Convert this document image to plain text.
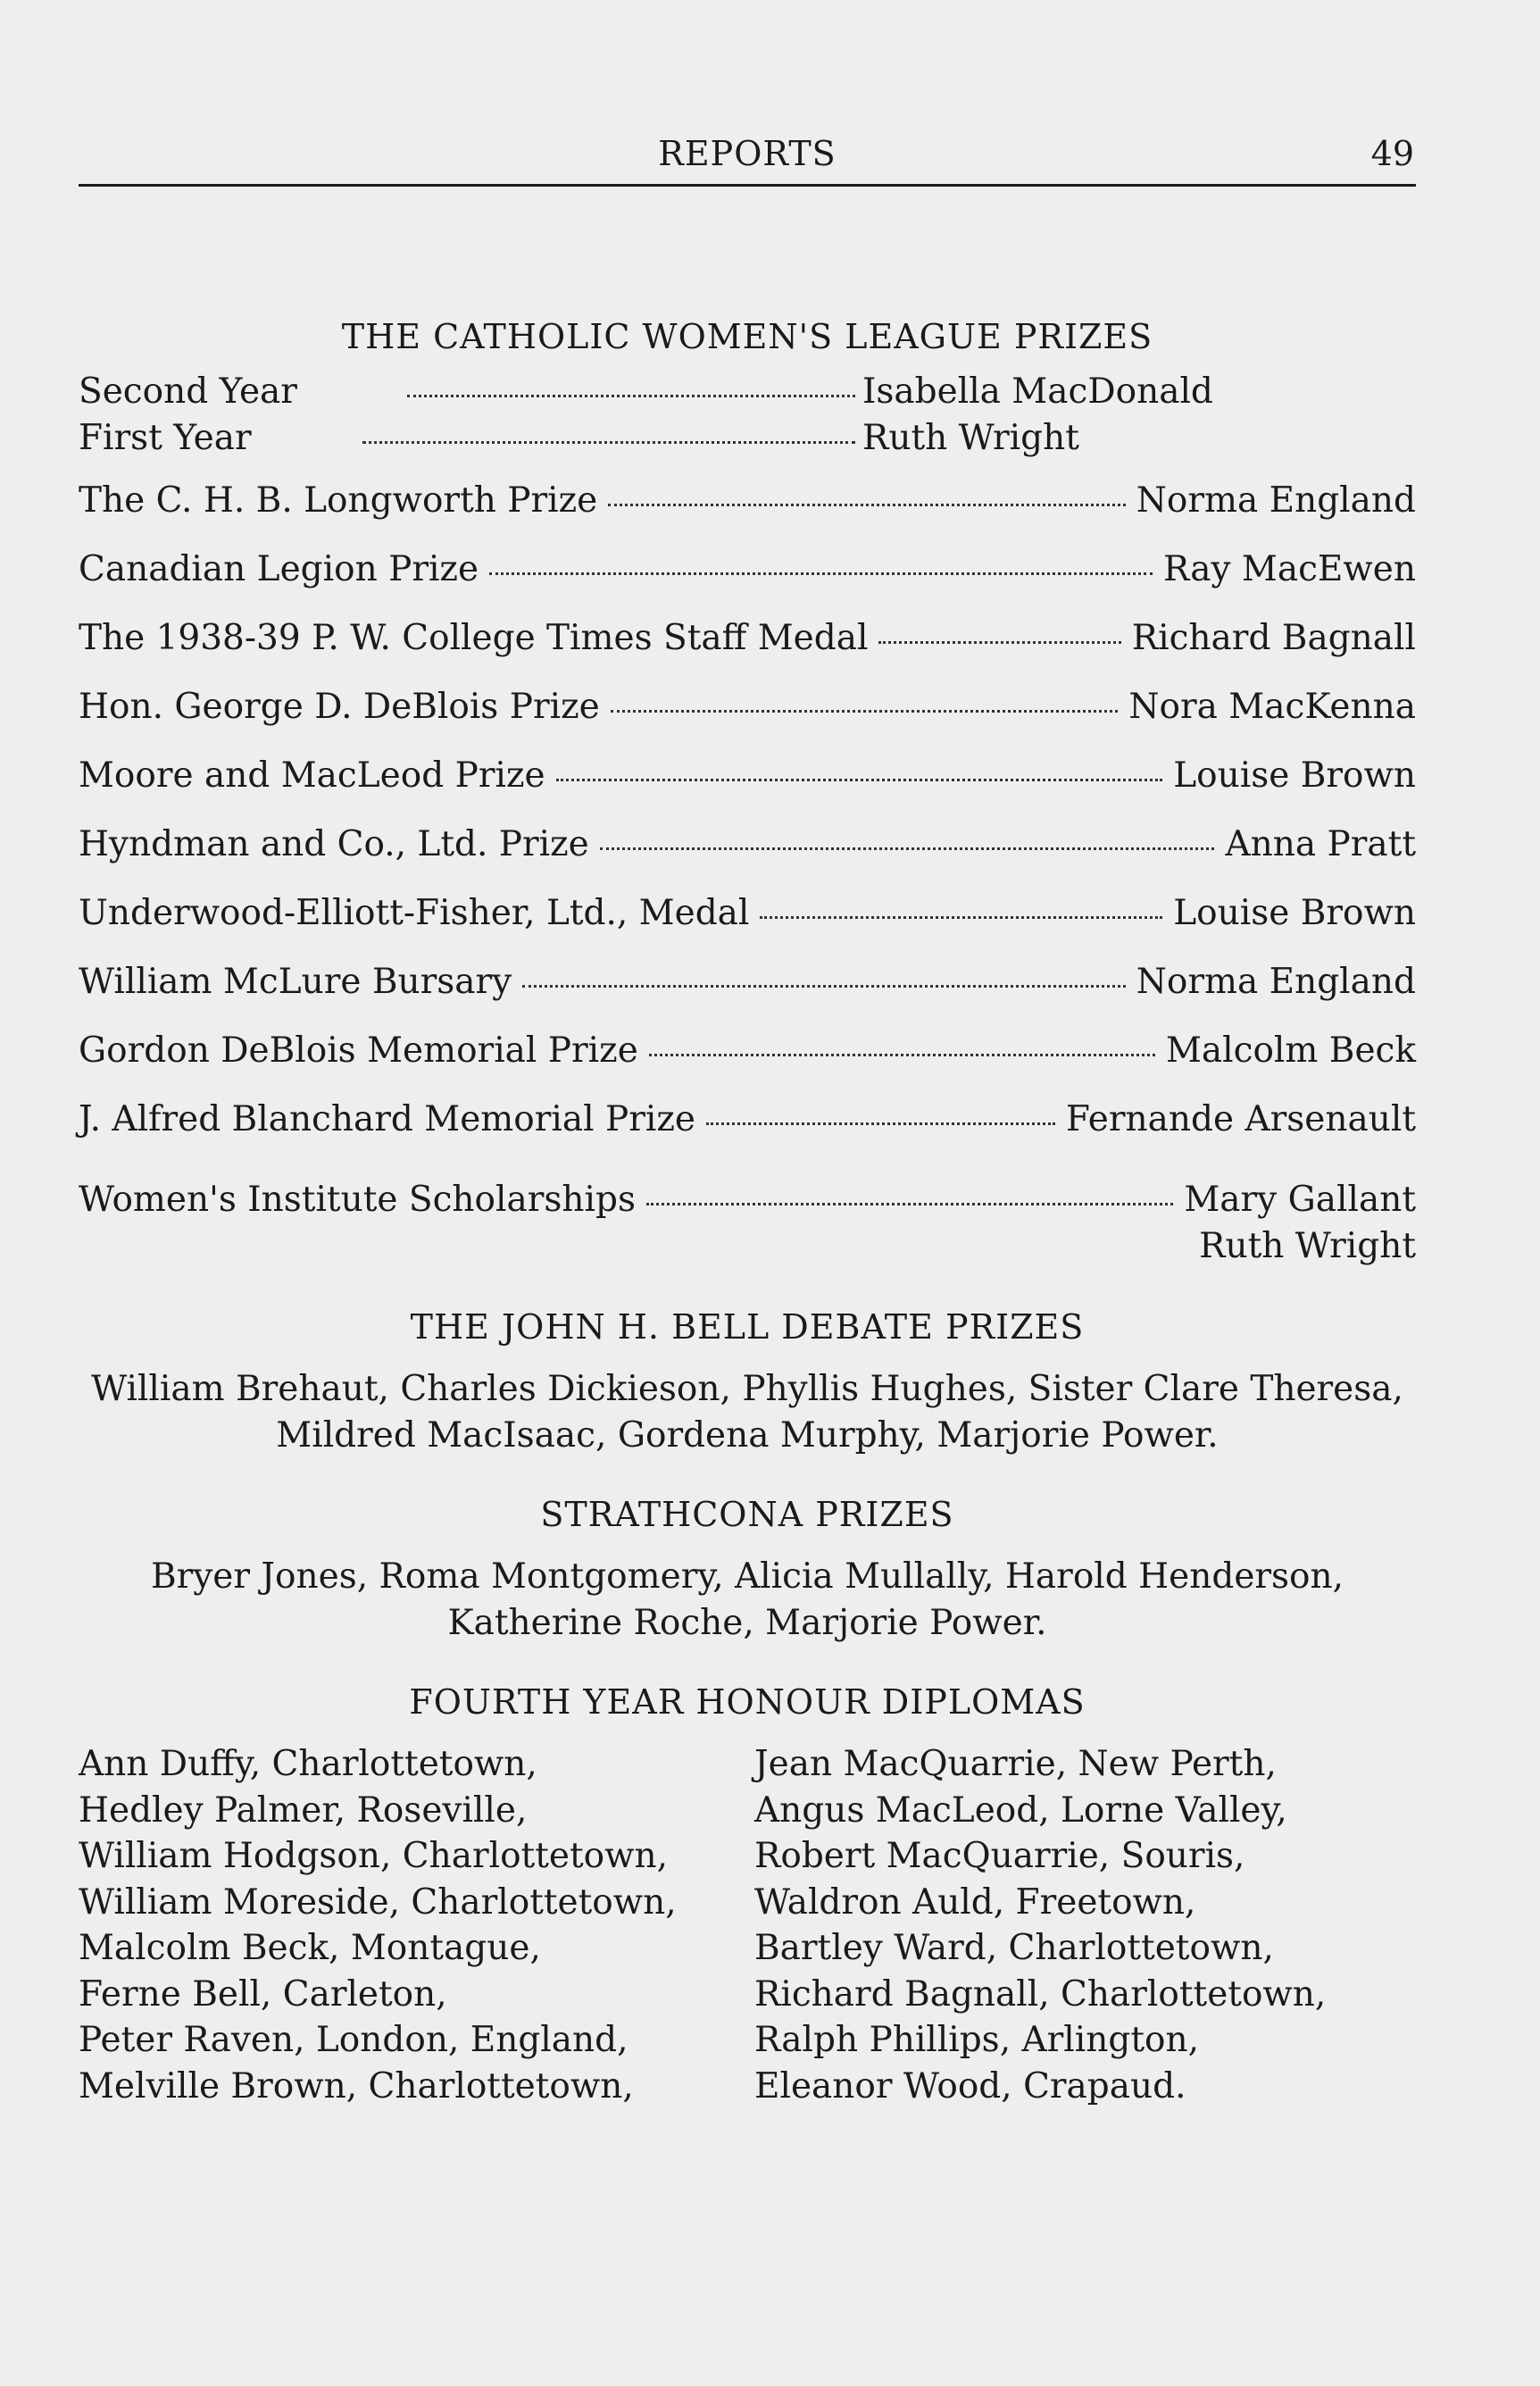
REPORTS	49
THE CATHOLIC WOMEN'S LEAGUE PRIZES
Second Year	Isabella MacDonald
First Year	Ruth Wright
The C. H. B. Longworth Prize	Norma England
Canadian Legion Prize	Ray MacEwen
The 1938-39 P. W. College Times Staff Medal	Richard Bagnall
Hon. George D. DeBlois Prize	Nora MacKenna
Moore and MacLeod Prize	Louise Brown
Hyndman and Co., Ltd. Prize	Anna Pratt
Underwood-Elliott-Fisher, Ltd., Medal	Louise Brown
William McLure Bursary	Norma England
Gordon DeBlois Memorial Prize	Malcolm Beck
J. Alfred Blanchard Memorial Prize	Fernande Arsenault
Women's Institute Scholarships	Mary Gallant
Ruth Wright
THE JOHN H. BELL DEBATE PRIZES
William Brehaut, Charles Dickieson, Phyllis Hughes, Sister Clare Theresa,
Mildred MacIsaac, Gordena Murphy, Marjorie Power.
STRATHCONA PRIZES
Bryer Jones, Roma Montgomery, Alicia Mullally, Harold Henderson,
Katherine Roche, Marjorie Power.
FOURTH YEAR HONOUR DIPLOMAS
Ann Duffy, Charlottetown,
Hedley Palmer, Roseville,
William Hodgson, Charlottetown,
William Moreside, Charlottetown,
Malcolm Beck, Montague,
Ferne Bell, Carleton,
Peter Raven, London, England,
Melville Brown, Charlottetown,
Jean MacQuarrie, New Perth,
Angus MacLeod, Lorne Valley,
Robert MacQuarrie, Souris,
Waldron Auld, Freetown,
Bartley Ward, Charlottetown,
Richard Bagnall, Charlottetown,
Ralph Phillips, Arlington,
Eleanor Wood, Crapaud.
